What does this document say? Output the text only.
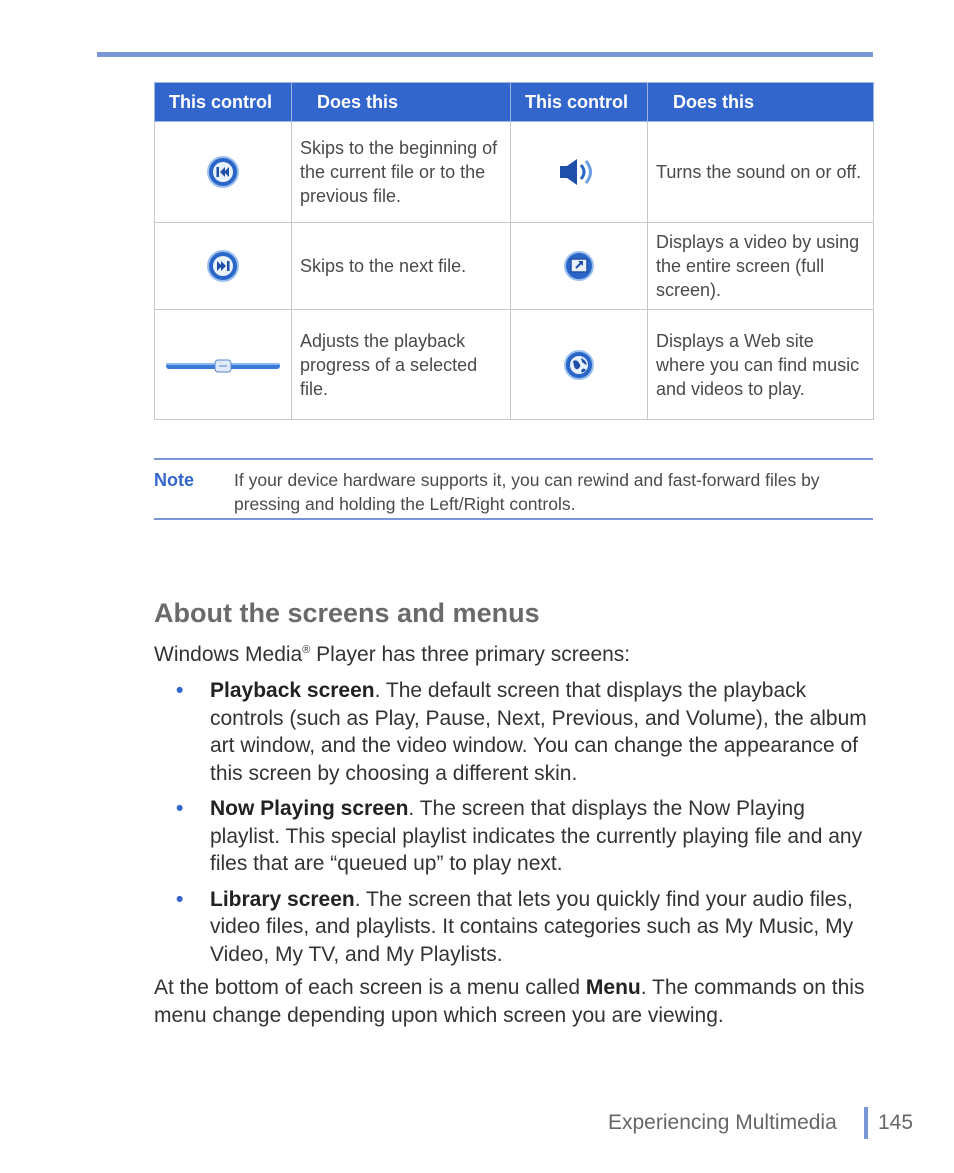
This control	Does this	This control	Does this
	Skips to the beginning of the current file or to the previous file.		Turns the sound on or off.
	Skips to the next file.		Displays a video by using the entire screen (full screen).
	Adjusts the playback progress of a selected file.		Displays a Web site where you can find music and videos to play.
Note If your device hardware supports it, you can rewind and fast-forward files by pressing and holding the Left/Right controls.
About the screens and menus
Windows Media® Player has three primary screens:
• Playback screen. The default screen that displays the playback controls (such as Play, Pause, Next, Previous, and Volume), the album art window, and the video window. You can change the appearance of this screen by choosing a different skin.
• Now Playing screen. The screen that displays the Now Playing playlist. This special playlist indicates the currently playing file and any files that are “queued up” to play next.
• Library screen. The screen that lets you quickly find your audio files, video files, and playlists. It contains categories such as My Music, My Video, My TV, and My Playlists.
At the bottom of each screen is a menu called Menu. The commands on this menu change depending upon which screen you are viewing.
Experiencing Multimedia 145
